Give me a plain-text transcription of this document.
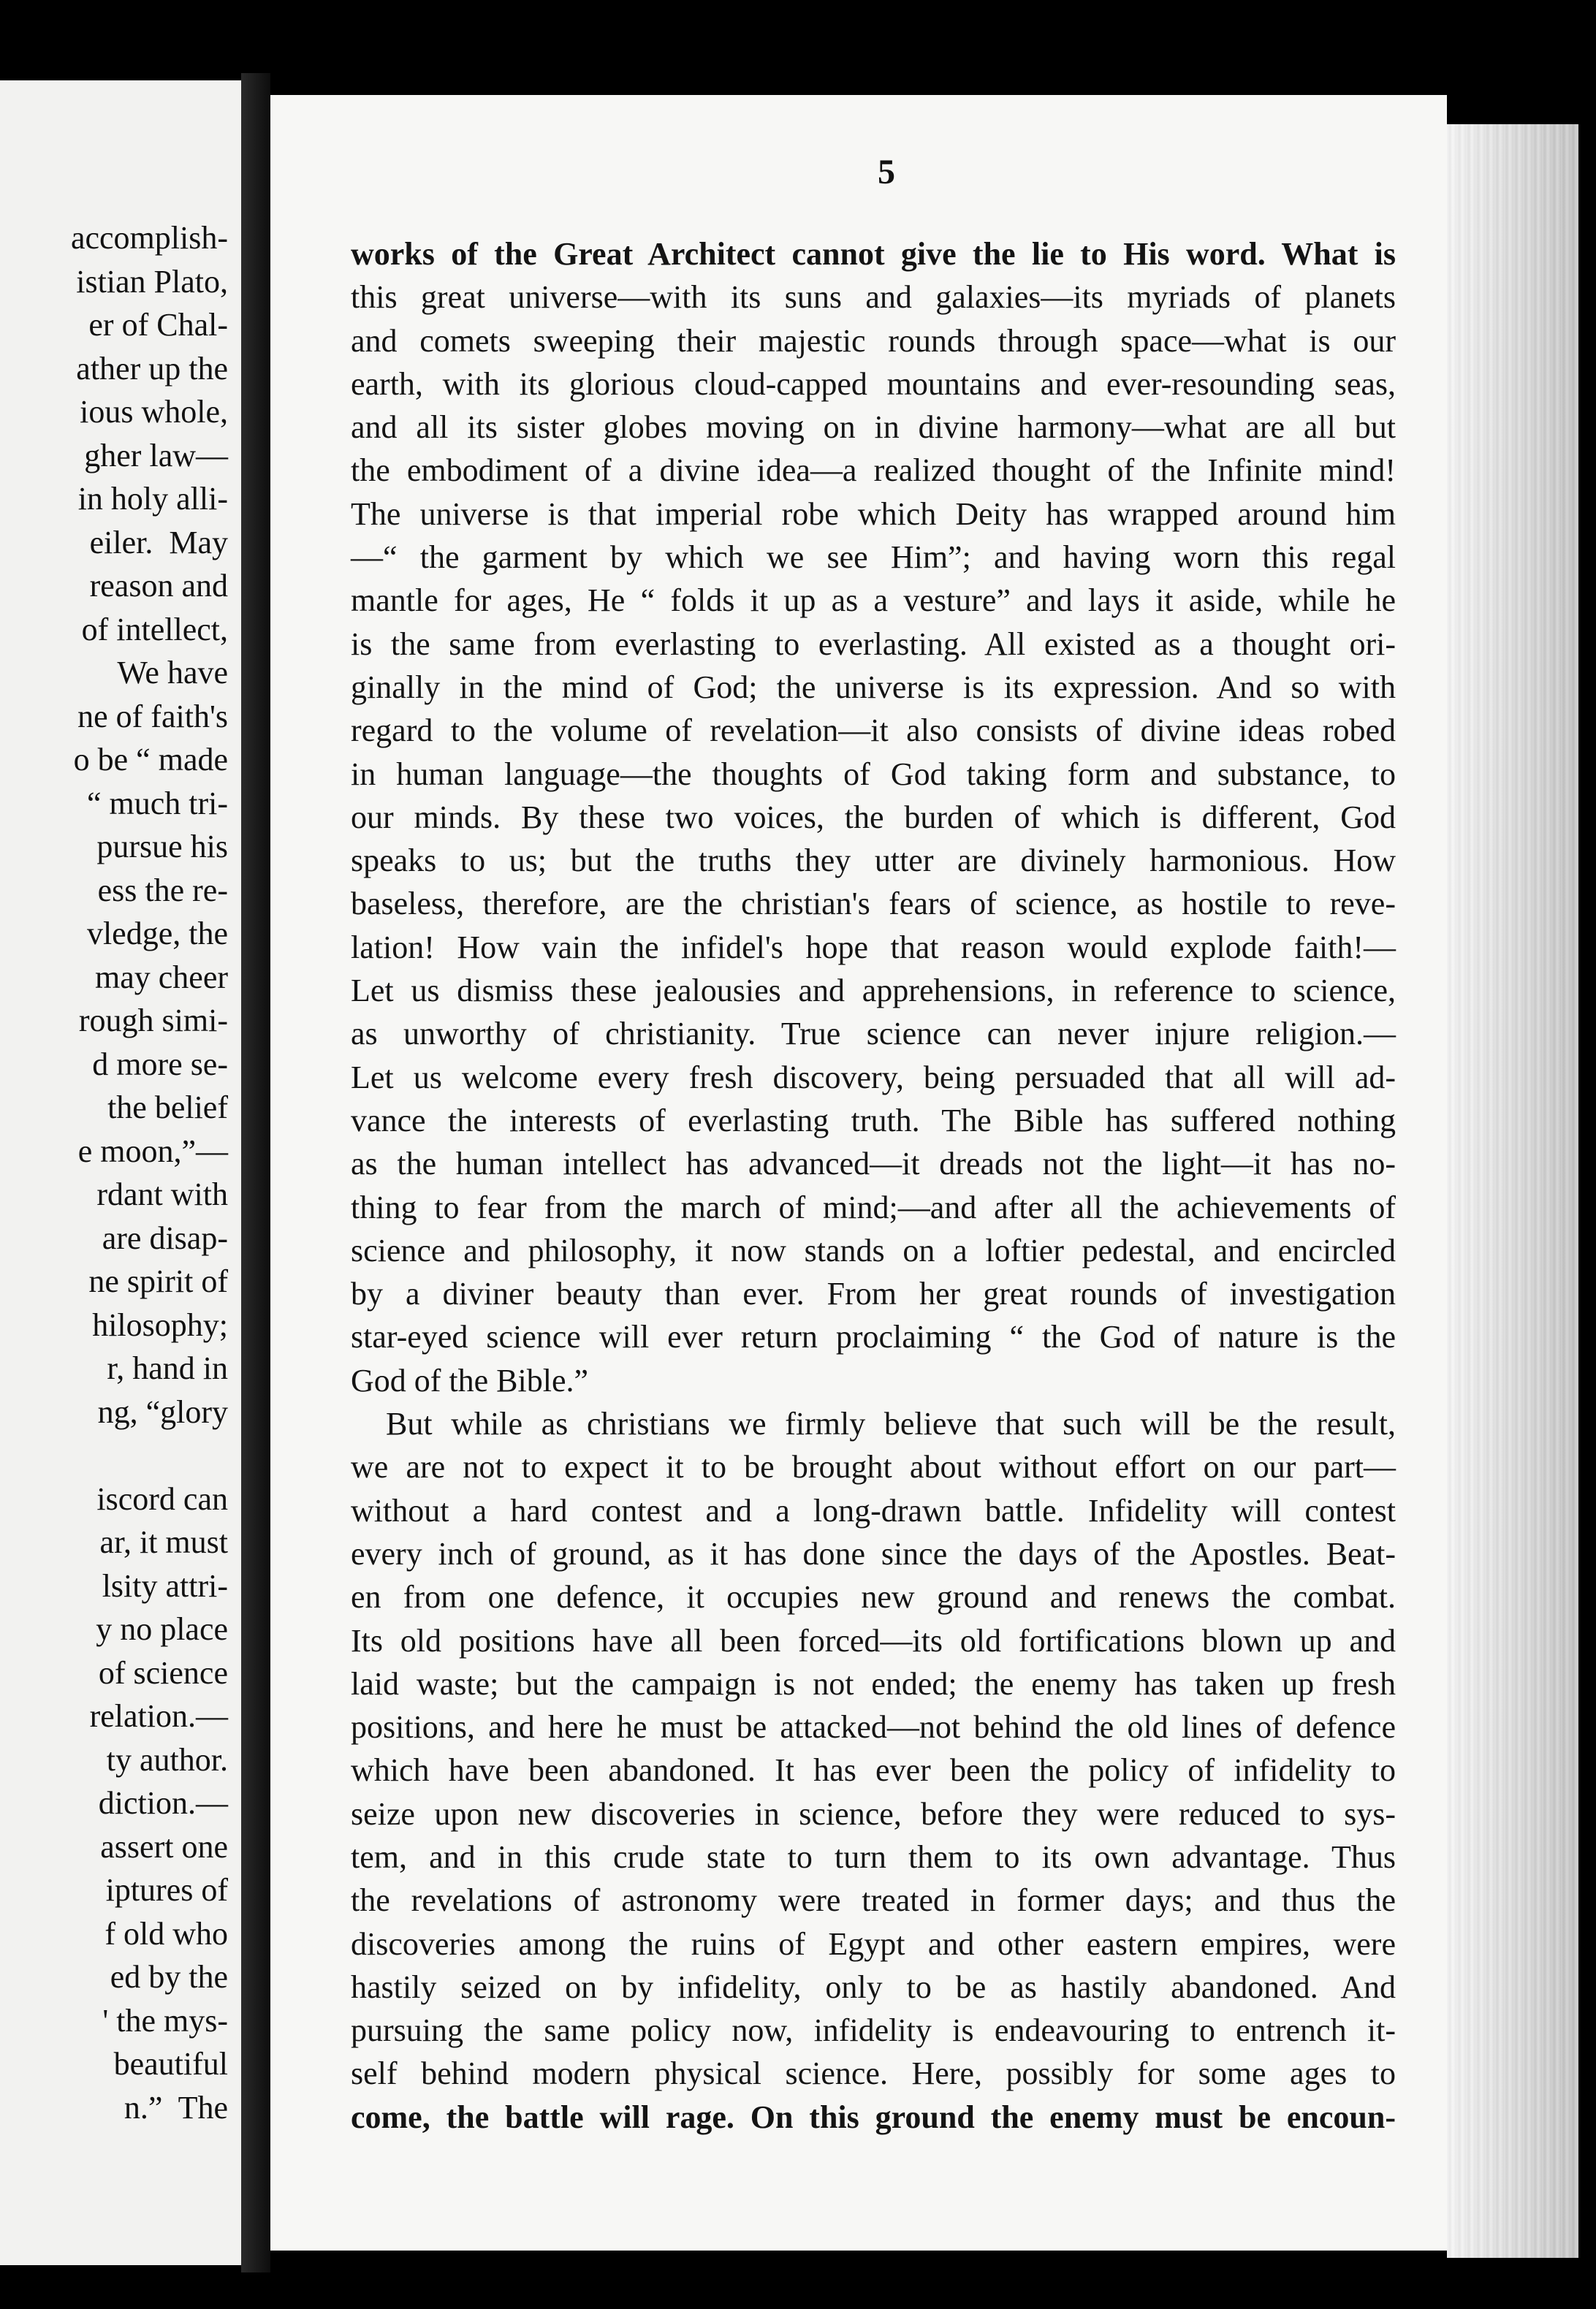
accomplish-
istian Plato,
er of Chal-
ather up the
ious whole,
gher law—
in holy alli-
eiler.  May
reason and
of intellect,
We have
ne of faith's
o be “ made
“ much tri-
pursue his
ess the re-
vledge, the
may cheer
rough simi-
d more se-
the belief
e moon,”—
rdant with
are disap-
ne spirit of
hilosophy;
r, hand in
ng, “glory
iscord can
ar, it must
lsity attri-
y no place
of science
relation.—
ty author.
diction.—
assert one
iptures of
f old who
ed by the
' the mys-
beautiful
n.”  The
5
works of the Great Architect cannot give the lie to His word. What is
this great universe—with its suns and galaxies—its myriads of planets
and comets sweeping their majestic rounds through space—what is our
earth, with its glorious cloud-capped mountains and ever-resounding seas,
and all its sister globes moving on in divine harmony—what are all but
the embodiment of a divine idea—a realized thought of the Infinite mind!
The universe is that imperial robe which Deity has wrapped around him
—“ the garment by which we see Him”; and having worn this regal
mantle for ages, He “ folds it up as a vesture” and lays it aside, while he
is the same from everlasting to everlasting. All existed as a thought ori-
ginally in the mind of God; the universe is its expression. And so with
regard to the volume of revelation—it also consists of divine ideas robed
in human language—the thoughts of God taking form and substance, to
our minds. By these two voices, the burden of which is different, God
speaks to us; but the truths they utter are divinely harmonious. How
baseless, therefore, are the christian's fears of science, as hostile to reve-
lation! How vain the infidel's hope that reason would explode faith!—
Let us dismiss these jealousies and apprehensions, in reference to science,
as unworthy of christianity. True science can never injure religion.—
Let us welcome every fresh discovery, being persuaded that all will ad-
vance the interests of everlasting truth. The Bible has suffered nothing
as the human intellect has advanced—it dreads not the light—it has no-
thing to fear from the march of mind;—and after all the achievements of
science and philosophy, it now stands on a loftier pedestal, and encircled
by a diviner beauty than ever. From her great rounds of investigation
star-eyed science will ever return proclaiming “ the God of nature is the
God of the Bible.”
But while as christians we firmly believe that such will be the result,
we are not to expect it to be brought about without effort on our part—
without a hard contest and a long-drawn battle. Infidelity will contest
every inch of ground, as it has done since the days of the Apostles. Beat-
en from one defence, it occupies new ground and renews the combat.
Its old positions have all been forced—its old fortifications blown up and
laid waste; but the campaign is not ended; the enemy has taken up fresh
positions, and here he must be attacked—not behind the old lines of defence
which have been abandoned. It has ever been the policy of infidelity to
seize upon new discoveries in science, before they were reduced to sys-
tem, and in this crude state to turn them to its own advantage. Thus
the revelations of astronomy were treated in former days; and thus the
discoveries among the ruins of Egypt and other eastern empires, were
hastily seized on by infidelity, only to be as hastily abandoned. And
pursuing the same policy now, infidelity is endeavouring to entrench it-
self behind modern physical science. Here, possibly for some ages to
come, the battle will rage. On this ground the enemy must be encoun-
